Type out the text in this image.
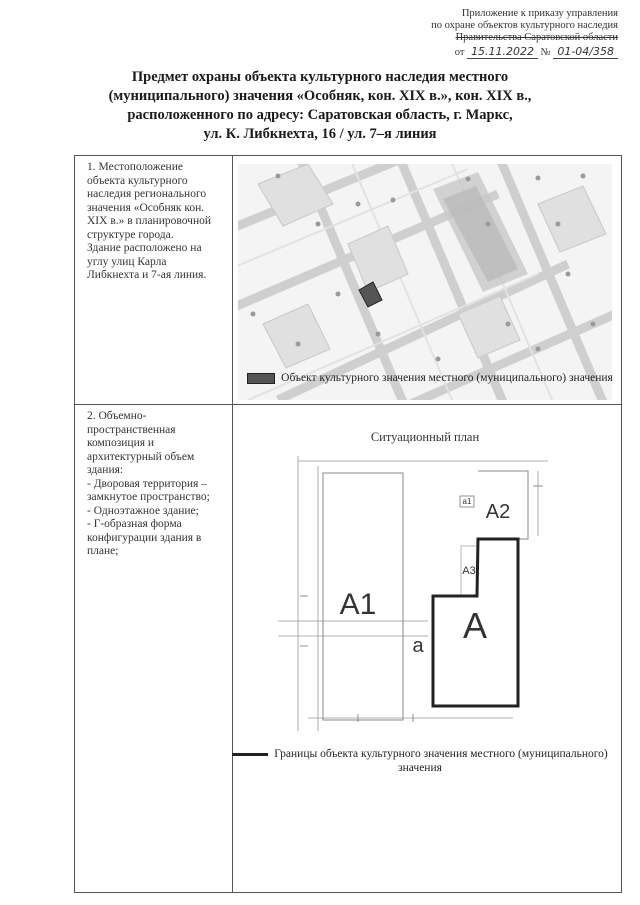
Приложение к приказу управления
по охране объектов культурного наследия
Правительства Саратовской области
от 15.11.2022 № 01-04/358
Предмет охраны объекта культурного наследия местного
(муниципального) значения «Особняк, кон. XIX в.», кон. XIX в.,
расположенного по адресу: Саратовская область, г. Маркс,
ул. К. Либкнехта, 16 / ул. 7–я линия
1. Местоположение
объекта культурного
наследия регионального
значения «Особняк кон.
XIX в.» в планировочной
структуре города.
Здание расположено на
углу улиц Карла
Либкнехта и 7-ая линия.
Объект культурного значения местного (муниципального) значения
2. Объемно-
пространственная
композиция и
архитектурный объем
здания:
- Дворовая территория –
замкнутое пространство;
- Одноэтажное здание;
- Г-образная форма
конфигурации здания в
плане;
Ситуационный план
A1
A
A2
A3
a
a1
Границы объекта культурного значения местного (муниципального) значения
